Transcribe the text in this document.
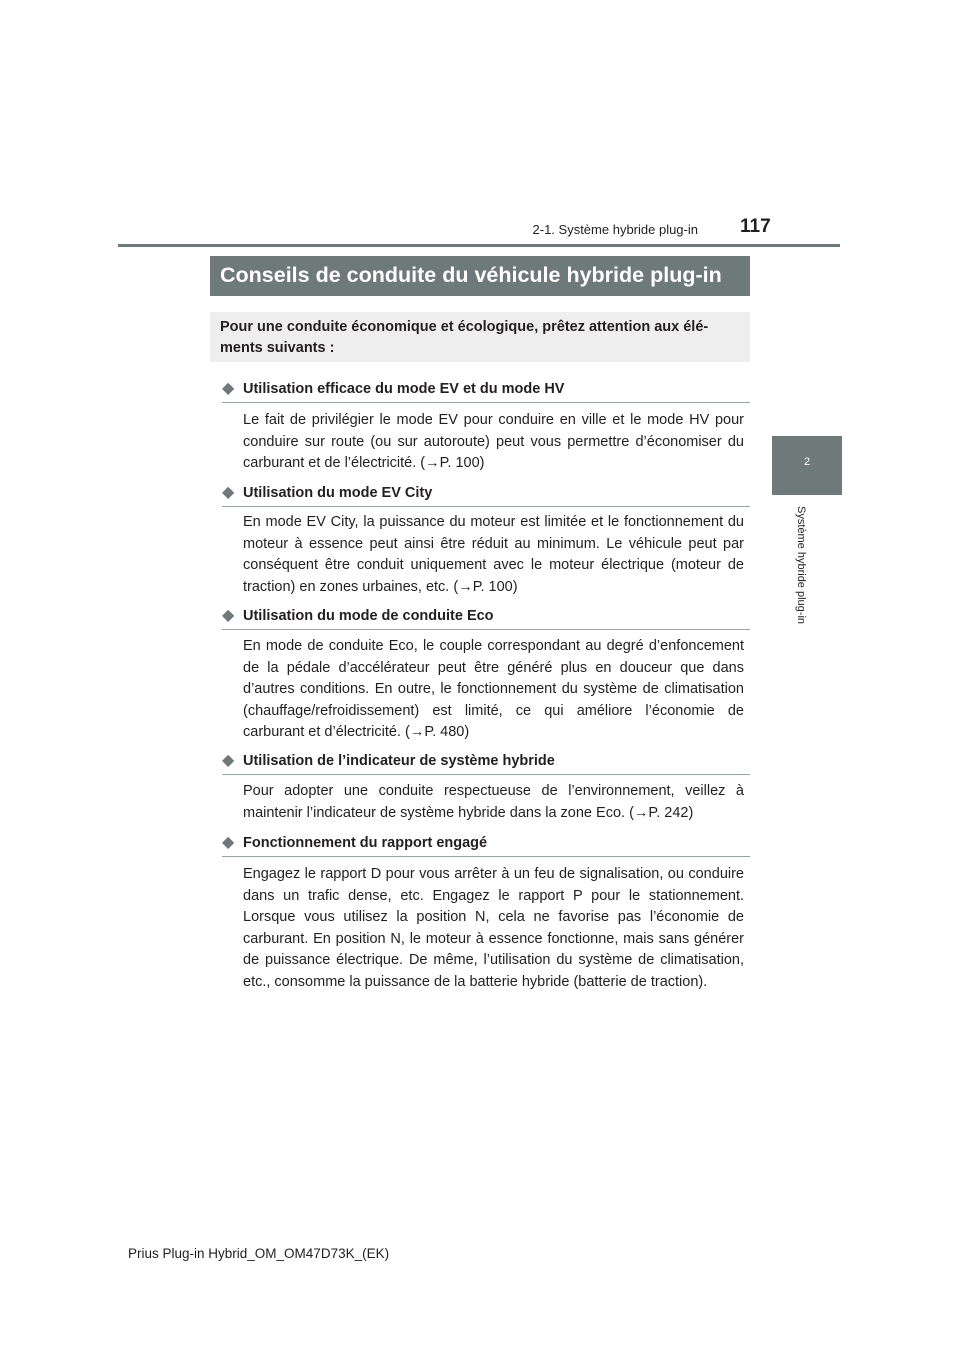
2-1. Système hybride plug-in 117
2
Système hybride plug-in
Conseils de conduite du véhicule hybride plug-in
Pour une conduite économique et écologique, prêtez attention aux éléments suivants :
◆ Utilisation efficace du mode EV et du mode HV
Le fait de privilégier le mode EV pour conduire en ville et le mode HV pour conduire sur route (ou sur autoroute) peut vous permettre d’économiser du carburant et de l’électricité. (→P. 100)
◆ Utilisation du mode EV City
En mode EV City, la puissance du moteur est limitée et le fonctionnement du moteur à essence peut ainsi être réduit au minimum. Le véhicule peut par conséquent être conduit uniquement avec le moteur électrique (moteur de traction) en zones urbaines, etc. (→P. 100)
◆ Utilisation du mode de conduite Eco
En mode de conduite Eco, le couple correspondant au degré d’enfoncement de la pédale d’accélérateur peut être généré plus en douceur que dans d’autres conditions. En outre, le fonctionnement du système de climatisation (chauffage/refroidissement) est limité, ce qui améliore l’économie de carburant et d’électricité. (→P. 480)
◆ Utilisation de l’indicateur de système hybride
Pour adopter une conduite respectueuse de l’environnement, veillez à maintenir l’indicateur de système hybride dans la zone Eco. (→P. 242)
◆ Fonctionnement du rapport engagé
Engagez le rapport D pour vous arrêter à un feu de signalisation, ou conduire dans un trafic dense, etc. Engagez le rapport P pour le stationnement. Lorsque vous utilisez la position N, cela ne favorise pas l’économie de carburant. En position N, le moteur à essence fonctionne, mais sans générer de puissance électrique. De même, l’utilisation du système de climatisation, etc., consomme la puissance de la batterie hybride (batterie de traction).
Prius Plug-in Hybrid_OM_OM47D73K_(EK)
